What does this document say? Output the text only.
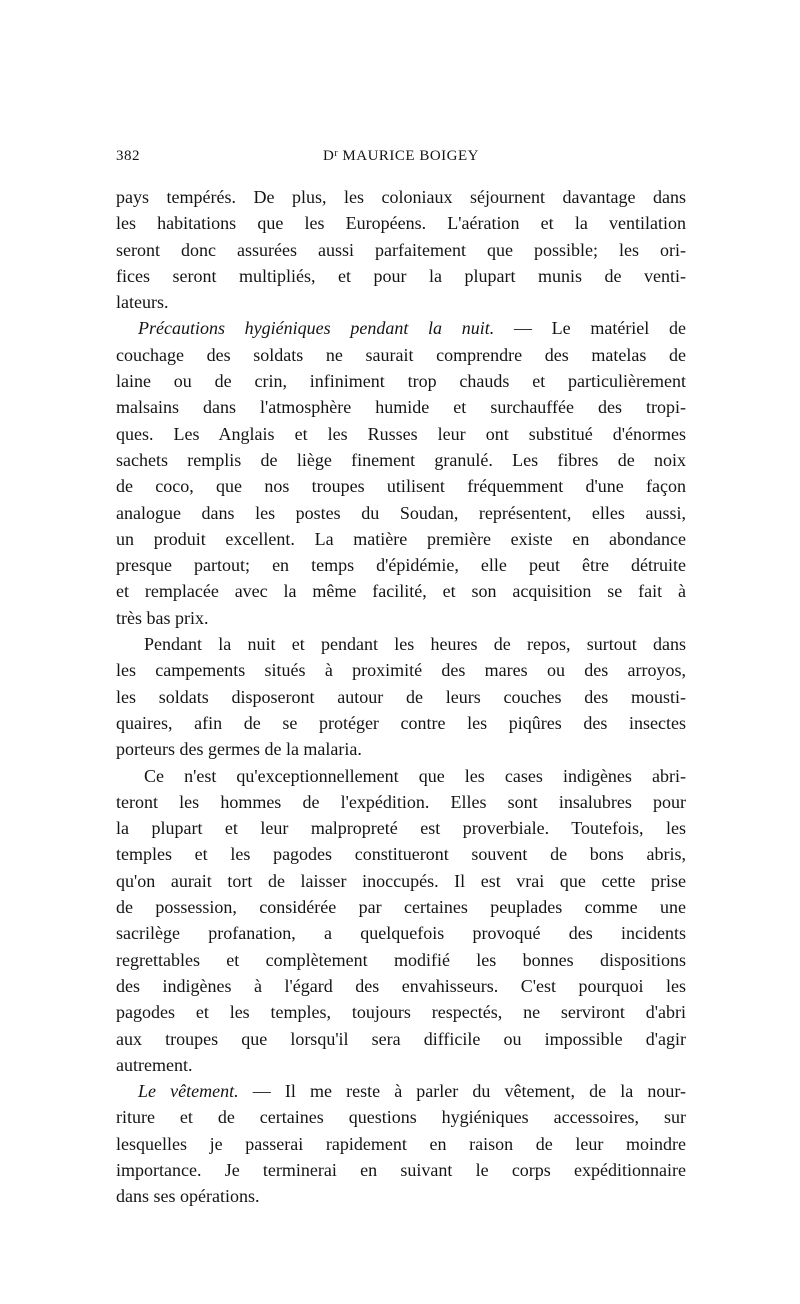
382	$D^r$ MAURICE BOIGEY

pays tempérés. De plus, les coloniaux séjournent davantage dans
les habitations que les Européens. L'aération et la ventilation
seront donc assurées aussi parfaitement que possible; les ori-
fices seront multipliés, et pour la plupart munis de venti-
lateurs.

Précautions hygiéniques pendant la nuit. — Le matériel de
couchage des soldats ne saurait comprendre des matelas de
laine ou de crin, infiniment trop chauds et particulièrement
malsains dans l'atmosphère humide et surchauffée des tropi-
ques. Les Anglais et les Russes leur ont substitué d'énormes
sachets remplis de liège finement granulé. Les fibres de noix
de coco, que nos troupes utilisent fréquemment d'une façon
analogue dans les postes du Soudan, représentent, elles aussi,
un produit excellent. La matière première existe en abondance
presque partout; en temps d'épidémie, elle peut être détruite
et remplacée avec la même facilité, et son acquisition se fait à
très bas prix.

Pendant la nuit et pendant les heures de repos, surtout dans
les campements situés à proximité des mares ou des arroyos,
les soldats disposeront autour de leurs couches des mousti-
quaires, afin de se protéger contre les piqûres des insectes
porteurs des germes de la malaria.

Ce n'est qu'exceptionnellement que les cases indigènes abri-
teront les hommes de l'expédition. Elles sont insalubres pour
la plupart et leur malpropreté est proverbiale. Toutefois, les
temples et les pagodes constitueront souvent de bons abris,
qu'on aurait tort de laisser inoccupés. Il est vrai que cette prise
de possession, considérée par certaines peuplades comme une
sacrilège profanation, a quelquefois provoqué des incidents
regrettables et complètement modifié les bonnes dispositions
des indigènes à l'égard des envahisseurs. C'est pourquoi les
pagodes et les temples, toujours respectés, ne serviront d'abri
aux troupes que lorsqu'il sera difficile ou impossible d'agir
autrement.

Le vêtement. — Il me reste à parler du vêtement, de la nour-
riture et de certaines questions hygiéniques accessoires, sur
lesquelles je passerai rapidement en raison de leur moindre
importance. Je terminerai en suivant le corps expéditionnaire
dans ses opérations.
